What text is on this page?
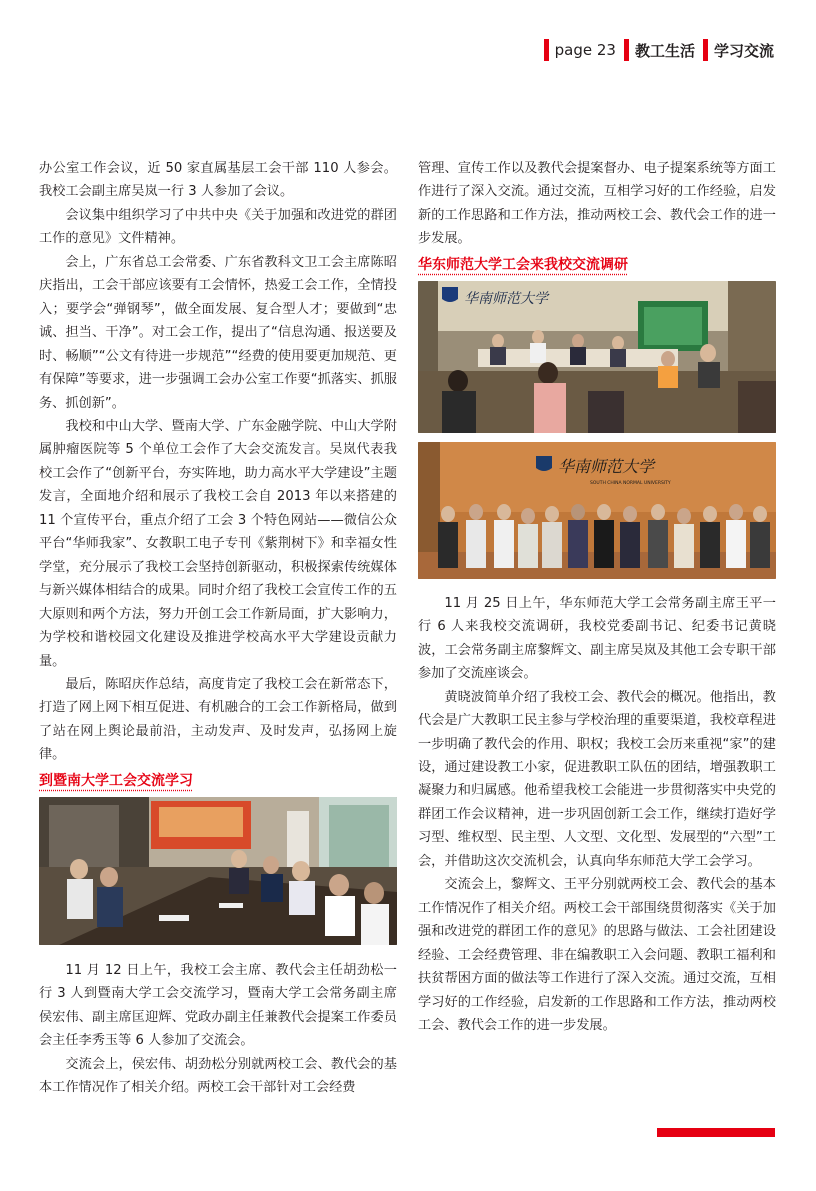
page 23 教工生活 学习交流

办公室工作会议，近 50 家直属基层工会干部 110 人参会。我校工会副主席吴岚一行 3 人参加了会议。

会议集中组织学习了中共中央《关于加强和改进党的群团工作的意见》文件精神。

会上，广东省总工会常委、广东省教科文卫工会主席陈昭庆指出，工会干部应该要有工会情怀，热爱工会工作，全情投入；要学会“弹钢琴”，做全面发展、复合型人才；要做到“忠诚、担当、干净”。对工会工作，提出了“信息沟通、报送要及时、畅顺”“公文有待进一步规范”“经费的使用要更加规范、更有保障”等要求，进一步强调工会办公室工作要“抓落实、抓服务、抓创新”。

我校和中山大学、暨南大学、广东金融学院、中山大学附属肿瘤医院等 5 个单位工会作了大会交流发言。吴岚代表我校工会作了“创新平台，夯实阵地，助力高水平大学建设”主题发言，全面地介绍和展示了我校工会自 2013 年以来搭建的 11 个宣传平台，重点介绍了工会 3 个特色网站——微信公众平台“华师我家”、女教职工电子专刊《紫荆树下》和幸福女性学堂，充分展示了我校工会坚持创新驱动，积极探索传统媒体与新兴媒体相结合的成果。同时介绍了我校工会宣传工作的五大原则和两个方法，努力开创工会工作新局面，扩大影响力，为学校和谐校园文化建设及推进学校高水平大学建设贡献力量。

最后，陈昭庆作总结，高度肯定了我校工会在新常态下，打造了网上网下相互促进、有机融合的工会工作新格局，做到了站在网上舆论最前沿，主动发声、及时发声，弘扬网上旋律。

到暨南大学工会交流学习

11 月 12 日上午，我校工会主席、教代会主任胡劲松一行 3 人到暨南大学工会交流学习，暨南大学工会常务副主席侯宏伟、副主席匡迎辉、党政办副主任兼教代会提案工作委员会主任李秀玉等 6 人参加了交流会。

交流会上，侯宏伟、胡劲松分别就两校工会、教代会的基本工作情况作了相关介绍。两校工会干部针对工会经费

管理、宣传工作以及教代会提案督办、电子提案系统等方面工作进行了深入交流。通过交流，互相学习好的工作经验，启发新的工作思路和工作方法，推动两校工会、教代会工作的进一步发展。

华东师范大学工会来我校交流调研
华南师范大学
华南师范大学
SOUTH CHINA NORMAL UNIVERSITY

11 月 25 日上午，华东师范大学工会常务副主席王平一行 6 人来我校交流调研，我校党委副书记、纪委书记黄晓波，工会常务副主席黎辉文、副主席吴岚及其他工会专职干部参加了交流座谈会。

黄晓波简单介绍了我校工会、教代会的概况。他指出，教代会是广大教职工民主参与学校治理的重要渠道，我校章程进一步明确了教代会的作用、职权；我校工会历来重视“家”的建设，通过建设教工小家，促进教职工队伍的团结，增强教职工凝聚力和归属感。他希望我校工会能进一步贯彻落实中央党的群团工作会议精神，进一步巩固创新工会工作，继续打造好学习型、维权型、民主型、人文型、文化型、发展型的“六型”工会，并借助这次交流机会，认真向华东师范大学工会学习。

交流会上，黎辉文、王平分别就两校工会、教代会的基本工作情况作了相关介绍。两校工会干部围绕贯彻落实《关于加强和改进党的群团工作的意见》的思路与做法、工会社团建设经验、工会经费管理、非在编教职工入会问题、教职工福利和扶贫帮困方面的做法等工作进行了深入交流。通过交流，互相学习好的工作经验，启发新的工作思路和工作方法，推动两校工会、教代会工作的进一步发展。
